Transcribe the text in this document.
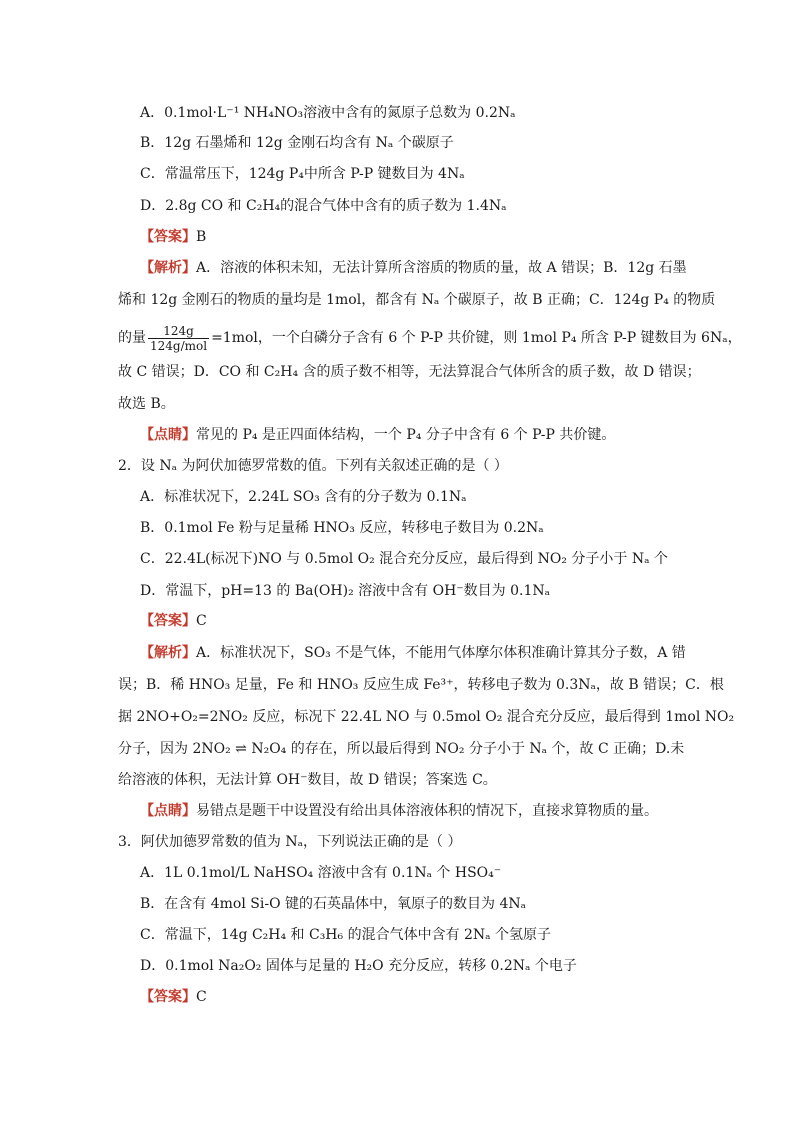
A．0.1mol·L⁻¹ NH₄NO₃溶液中含有的氮原子总数为 0.2Nₐ
B．12g 石墨烯和 12g 金刚石均含有 Nₐ 个碳原子
C．常温常压下，124g P₄中所含 P-P 键数目为 4Nₐ
D．2.8g CO 和 C₂H₄的混合气体中含有的质子数为 1.4Nₐ
【答案】B
【解析】A．溶液的体积未知，无法计算所含溶质的物质的量，故 A 错误；B．12g 石墨
烯和 12g 金刚石的物质的量均是 1mol，都含有 Nₐ 个碳原子，故 B 正确；C．124g P₄ 的物质
的量 $\frac{124g}{\text{124g/mol}} =1mol$，一个白磷分子含有 6 个 P-P 共价键，则 1mol P₄ 所含 P-P 键数目为 6Nₐ，
故 C 错误；D．CO 和 C₂H₄ 含的质子数不相等，无法算混合气体所含的质子数，故 D 错误；
故选 B。
【点睛】常见的 P₄ 是正四面体结构，一个 P₄ 分子中含有 6 个 P-P 共价键。
2．设 Nₐ 为阿伏加德罗常数的值。下列有关叙述正确的是（ ）
A．标准状况下，2.24L SO₃ 含有的分子数为 0.1Nₐ
B．0.1mol Fe 粉与足量稀 HNO₃ 反应，转移电子数目为 0.2Nₐ
C．22.4L(标况下)NO 与 0.5mol O₂ 混合充分反应，最后得到 NO₂ 分子小于 Nₐ 个
D．常温下，pH=13 的 Ba(OH)₂ 溶液中含有 OH⁻数目为 0.1Nₐ
【答案】C
【解析】A．标准状况下，SO₃ 不是气体，不能用气体摩尔体积准确计算其分子数，A 错
误；B．稀 HNO₃ 足量，Fe 和 HNO₃ 反应生成 Fe³⁺，转移电子数为 0.3Nₐ，故 B 错误；C．根
据 2NO+O₂=2NO₂ 反应，标况下 22.4L NO 与 0.5mol O₂ 混合充分反应，最后得到 1mol NO₂
分子，因为 2NO₂ ⇌ N₂O₄ 的存在，所以最后得到 NO₂ 分子小于 Nₐ 个，故 C 正确；D.未
给溶液的体积，无法计算 OH⁻数目，故 D 错误；答案选 C。
【点睛】易错点是题干中设置没有给出具体溶液体积的情况下，直接求算物质的量。
3．阿伏加德罗常数的值为 Nₐ，下列说法正确的是（ ）
A．1L 0.1mol/L NaHSO₄ 溶液中含有 0.1Nₐ 个 HSO₄⁻
B．在含有 4mol Si-O 键的石英晶体中，氧原子的数目为 4Nₐ
C．常温下，14g C₂H₄ 和 C₃H₆ 的混合气体中含有 2Nₐ 个氢原子
D．0.1mol Na₂O₂ 固体与足量的 H₂O 充分反应，转移 0.2Nₐ 个电子
【答案】C
